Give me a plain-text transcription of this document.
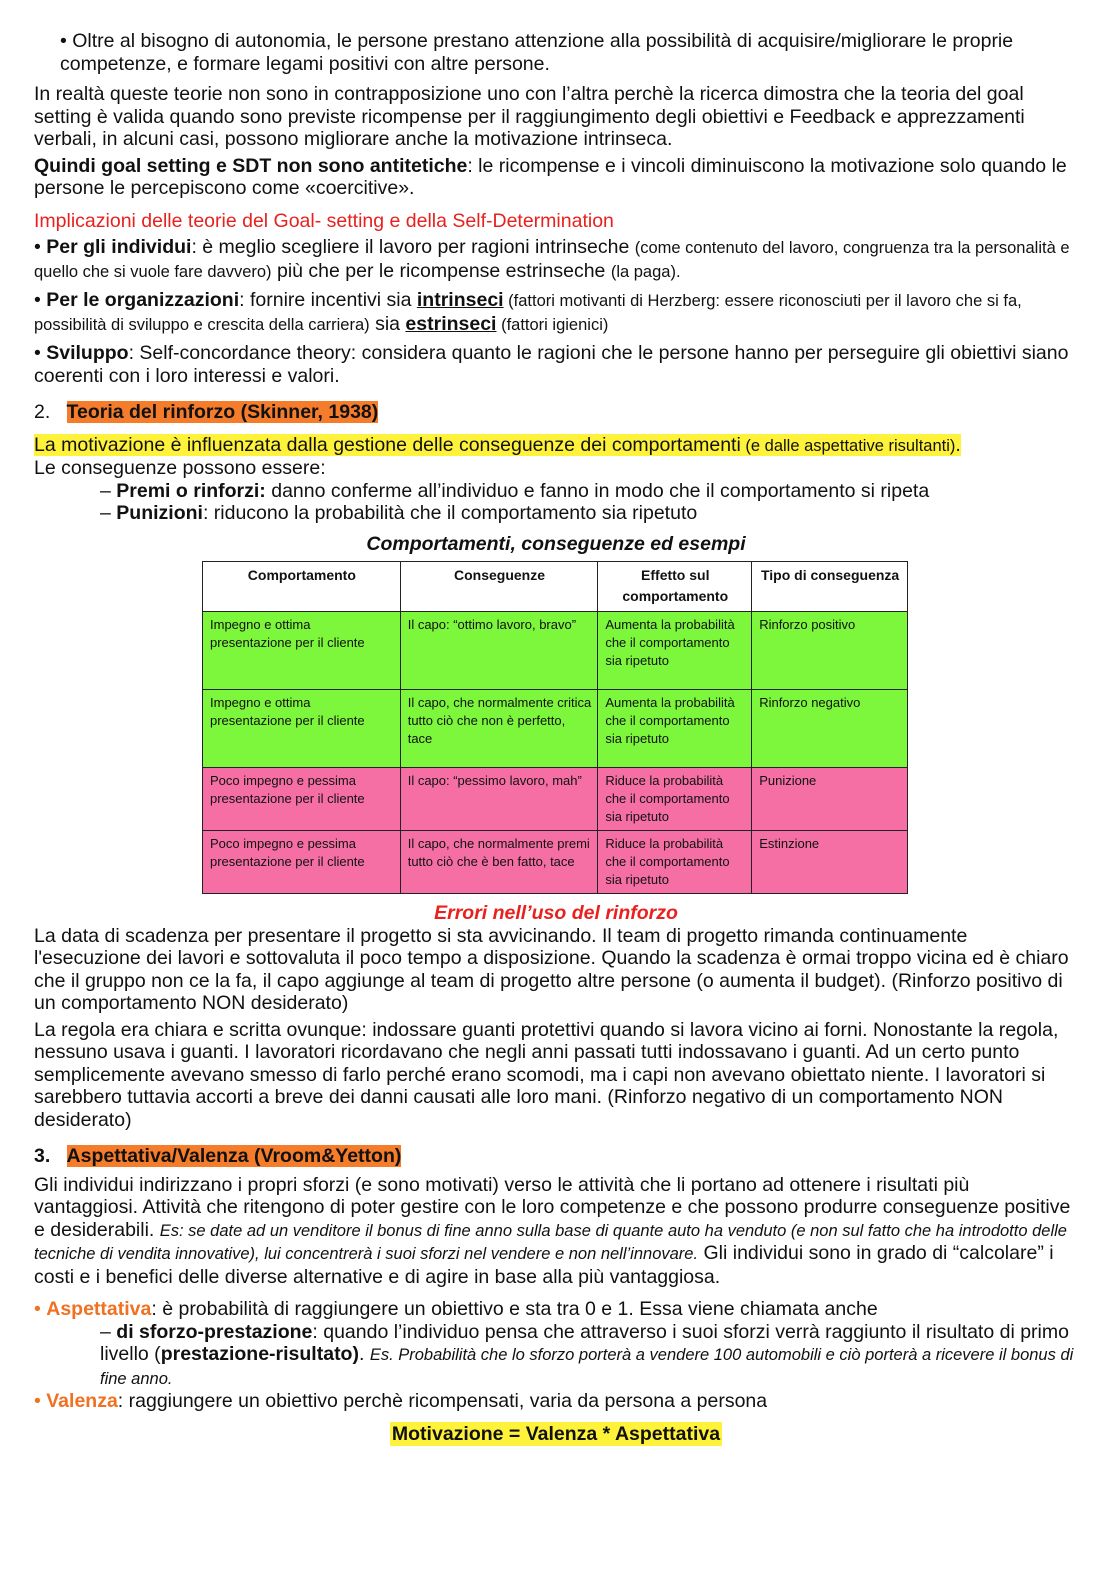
• Oltre al bisogno di autonomia, le persone prestano attenzione alla possibilità di acquisire/migliorare le proprie competenze, e formare legami positivi con altre persone.

In realtà queste teorie non sono in contrapposizione uno con l’altra perchè la ricerca dimostra che la teoria del goal setting è valida quando sono previste ricompense per il raggiungimento degli obiettivi e Feedback e apprezzamenti verbali, in alcuni casi, possono migliorare anche la motivazione intrinseca.

Quindi goal setting e SDT non sono antitetiche: le ricompense e i vincoli diminuiscono la motivazione solo quando le persone le percepiscono come «coercitive».

Implicazioni delle teorie del Goal- setting e della Self-Determination

• Per gli individui: è meglio scegliere il lavoro per ragioni intrinseche (come contenuto del lavoro, congruenza tra la personalità e quello che si vuole fare davvero) più che per le ricompense estrinseche (la paga).

• Per le organizzazioni: fornire incentivi sia intrinseci (fattori motivanti di Herzberg: essere riconosciuti per il lavoro che si fa, possibilità di sviluppo e crescita della carriera) sia estrinseci (fattori igienici)

• Sviluppo: Self-concordance theory: considera quanto le ragioni che le persone hanno per perseguire gli obiettivi siano coerenti con i loro interessi e valori.

2. Teoria del rinforzo (Skinner, 1938)

La motivazione è influenzata dalla gestione delle conseguenze dei comportamenti (e dalle aspettative risultanti).

Le conseguenze possono essere:

– Premi o rinforzi: danno conferme all’individuo e fanno in modo che il comportamento si ripeta

– Punizioni: riducono la probabilità che il comportamento sia ripetuto

Comportamenti, conseguenze ed esempi

Comportamento	Conseguenze	Effetto sul comportamento	Tipo di conseguenza
Impegno e ottima presentazione per il cliente	Il capo: “ottimo lavoro, bravo”	Aumenta la probabilità che il comportamento sia ripetuto	Rinforzo positivo
Impegno e ottima presentazione per il cliente	Il capo, che normalmente critica tutto ciò che non è perfetto, tace	Aumenta la probabilità che il comportamento sia ripetuto	Rinforzo negativo
Poco impegno e pessima presentazione per il cliente	Il capo: “pessimo lavoro, mah”	Riduce la probabilità che il comportamento sia ripetuto	Punizione
Poco impegno e pessima presentazione per il cliente	Il capo, che normalmente premi tutto ciò che è ben fatto, tace	Riduce la probabilità che il comportamento sia ripetuto	Estinzione

Errori nell’uso del rinforzo

La data di scadenza per presentare il progetto si sta avvicinando. Il team di progetto rimanda continuamente l'esecuzione dei lavori e sottovaluta il poco tempo a disposizione. Quando la scadenza è ormai troppo vicina ed è chiaro che il gruppo non ce la fa, il capo aggiunge al team di progetto altre persone (o aumenta il budget). (Rinforzo positivo di un comportamento NON desiderato)

La regola era chiara e scritta ovunque: indossare guanti protettivi quando si lavora vicino ai forni. Nonostante la regola, nessuno usava i guanti. I lavoratori ricordavano che negli anni passati tutti indossavano i guanti. Ad un certo punto semplicemente avevano smesso di farlo perché erano scomodi, ma i capi non avevano obiettato niente. I lavoratori si sarebbero tuttavia accorti a breve dei danni causati alle loro mani. (Rinforzo negativo di un comportamento NON desiderato)

3. Aspettativa/Valenza (Vroom&Yetton)

Gli individui indirizzano i propri sforzi (e sono motivati) verso le attività che li portano ad ottenere i risultati più vantaggiosi. Attività che ritengono di poter gestire con le loro competenze e che possono produrre conseguenze positive e desiderabili. Es: se date ad un venditore il bonus di fine anno sulla base di quante auto ha venduto (e non sul fatto che ha introdotto delle tecniche di vendita innovative), lui concentrerà i suoi sforzi nel vendere e non nell’innovare. Gli individui sono in grado di “calcolare” i costi e i benefici delle diverse alternative e di agire in base alla più vantaggiosa.

• Aspettativa: è probabilità di raggiungere un obiettivo e sta tra 0 e 1. Essa viene chiamata anche

– di sforzo-prestazione: quando l’individuo pensa che attraverso i suoi sforzi verrà raggiunto il risultato di primo livello (prestazione-risultato). Es. Probabilità che lo sforzo porterà a vendere 100 automobili e ciò porterà a ricevere il bonus di fine anno.

• Valenza: raggiungere un obiettivo perchè ricompensati, varia da persona a persona

Motivazione = Valenza * Aspettativa
